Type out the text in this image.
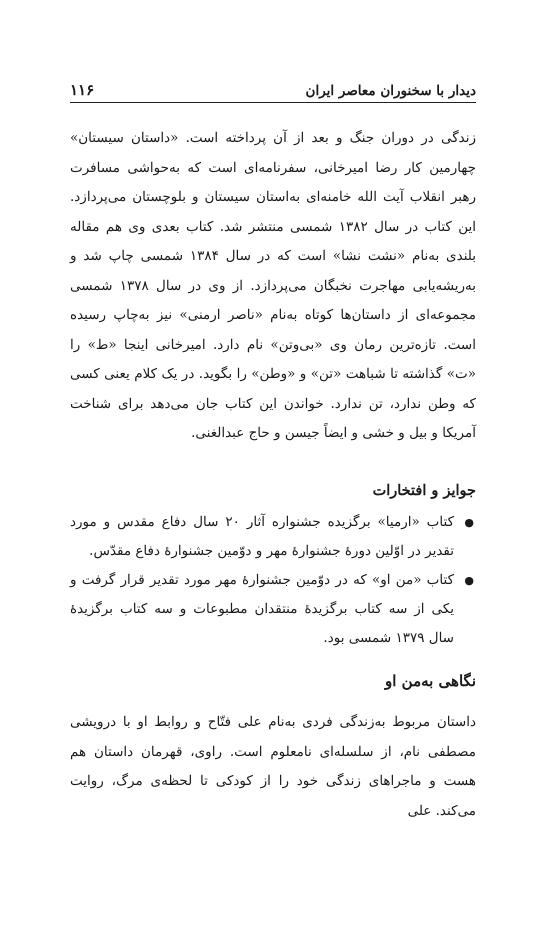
دیدار با سخنوران معاصر ایران
۱۱۶

زندگی در دوران جنگ و بعد از آن پرداخته است. «داستان سیستان» چهارمین کار رضا امیرخانی، سفرنامه‌ای است که به‌حواشی مسافرت رهبر انقلاب آیت الله خامنه‌ای به‌استان سیستان و بلوچستان می‌پردازد. این کتاب در سال ۱۳۸۲ شمسی منتشر شد. کتاب بعدی وی هم مقاله بلندی به‌نام «نشت نشا» است که در سال ۱۳۸۴ شمسی چاپ شد و به‌ریشه‌یابی مهاجرت نخبگان می‌پردازد. از وی در سال ۱۳۷۸ شمسی مجموعه‌ای از داستان‌ها کوتاه به‌نام «ناصر ارمنی» نیز به‌چاپ رسیده است. تازه‌ترین رمان وی «بی‌وتن» نام دارد. امیرخانی اینجا «ط» را «ت» گذاشته تا شباهت «تن» و «وطن» را بگوید. در یک کلام یعنی کسی که وطن ندارد، تن ندارد. خواندن این کتاب جان می‌دهد برای شناخت آمریکا و بیل و خشی و ایضاً جیسن و حاج عبدالغنی.

جوایز و افتخارات
●
کتاب «ارمیا» برگزیده جشنواره آثار ۲۰ سال دفاع مقدس و مورد تقدیر در اوّلین دورهٔ جشنوارهٔ مهر و دوّمین جشنوارهٔ دفاع مقدّس.
●
کتاب «من او» که در دوّمین جشنوارهٔ مهر مورد تقدیر قرار گرفت و یکی از سه کتاب برگزیدهٔ منتقدان مطبوعات و سه کتاب برگزیدهٔ سال ۱۳۷۹ شمسی بود.
نگاهی به‌من او

داستان مربوط به‌زندگی فردی به‌نام علی فتّاح و روابط او با درویشی مصطفی نام، از سلسله‌ای نامعلوم است. راوی، قهرمان داستان هم هست و ماجراهای زندگی خود را از کودکی تا لحظه‌ی مرگ، روایت می‌کند. علی
